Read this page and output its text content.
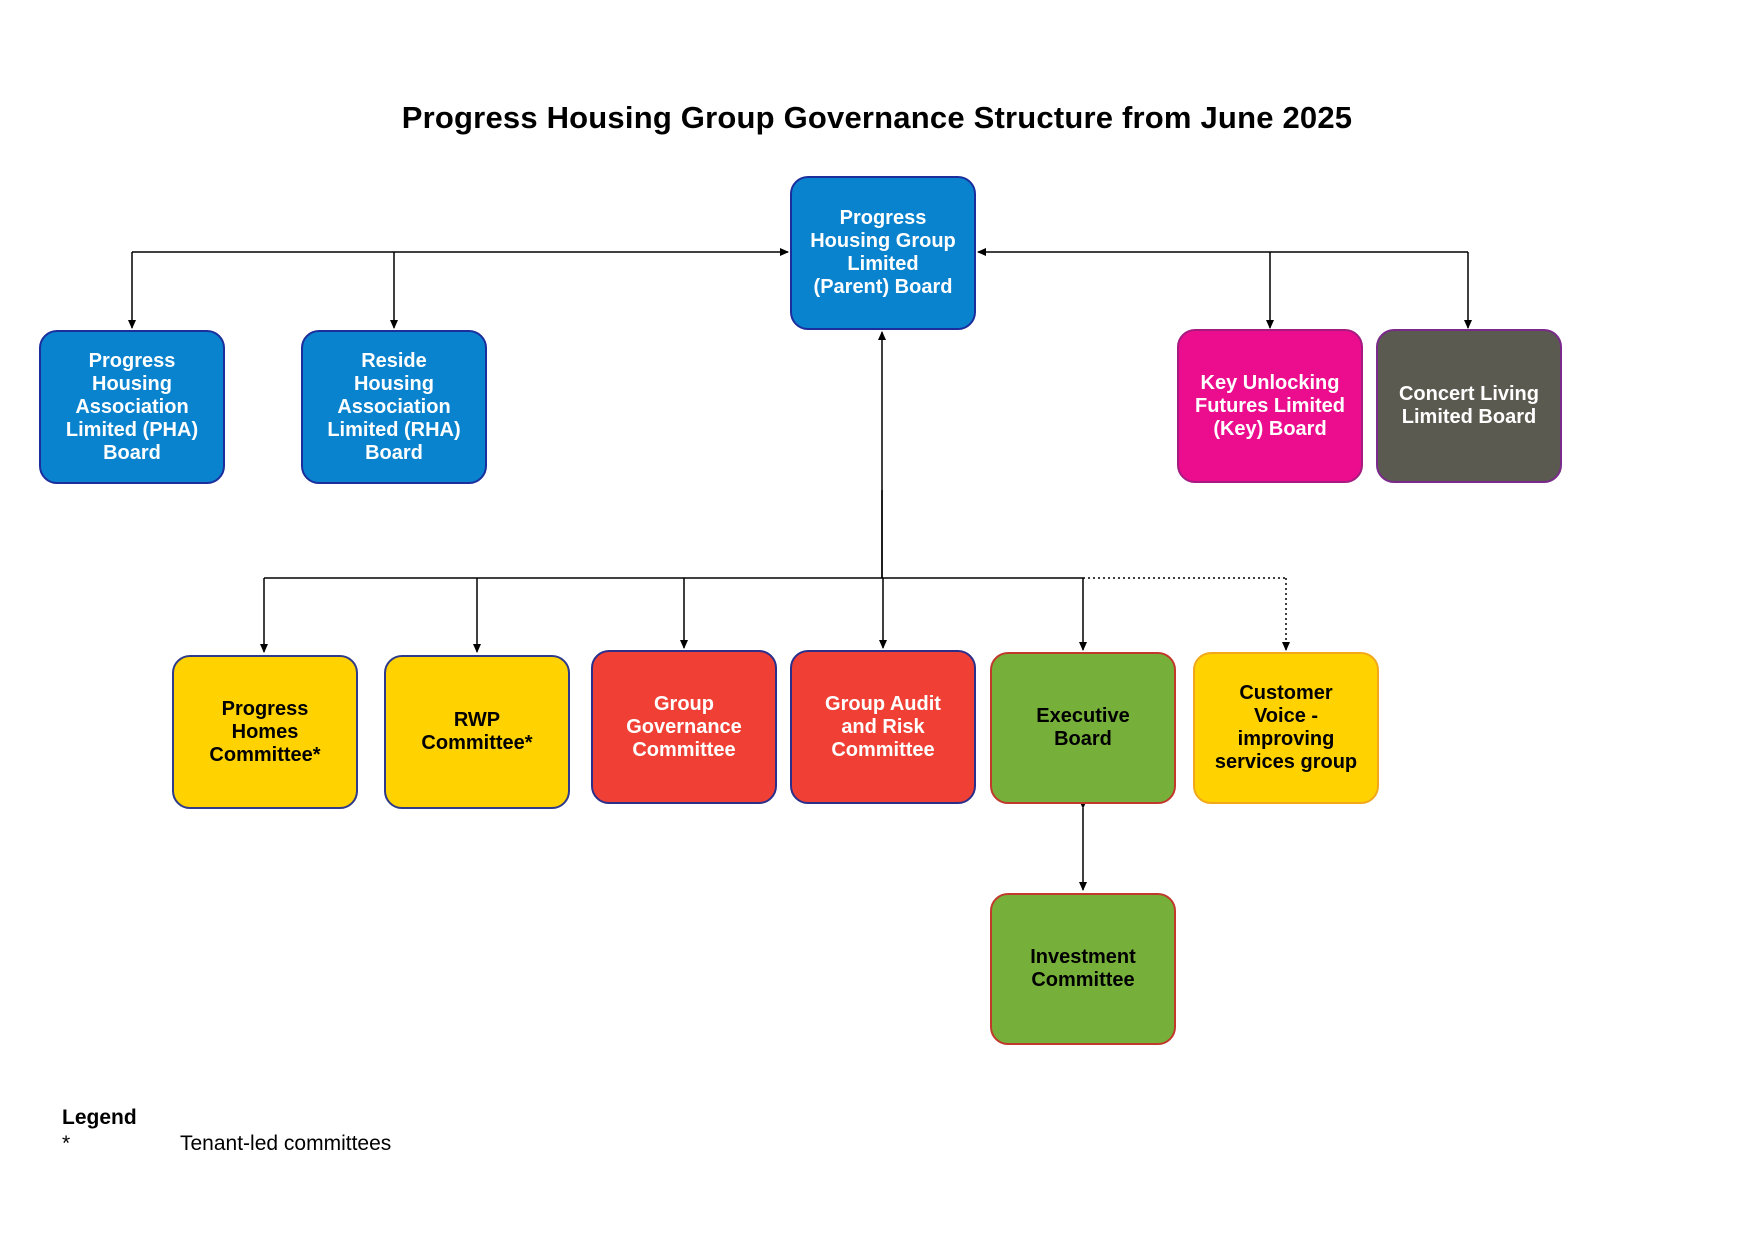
Progress Housing Group Governance Structure from June 2025
Progress
Housing Group
Limited
(Parent) Board
Progress
Housing
Association
Limited (PHA)
Board
Reside
Housing
Association
Limited (RHA)
Board
Key Unlocking
Futures Limited
(Key) Board
Concert Living
Limited Board
Progress
Homes
Committee*
RWP
Committee*
Group
Governance
Committee
Group Audit
and Risk
Committee
Executive
Board
Customer
Voice -
improving
services group
Investment
Committee
Legend
*	Tenant-led committees
